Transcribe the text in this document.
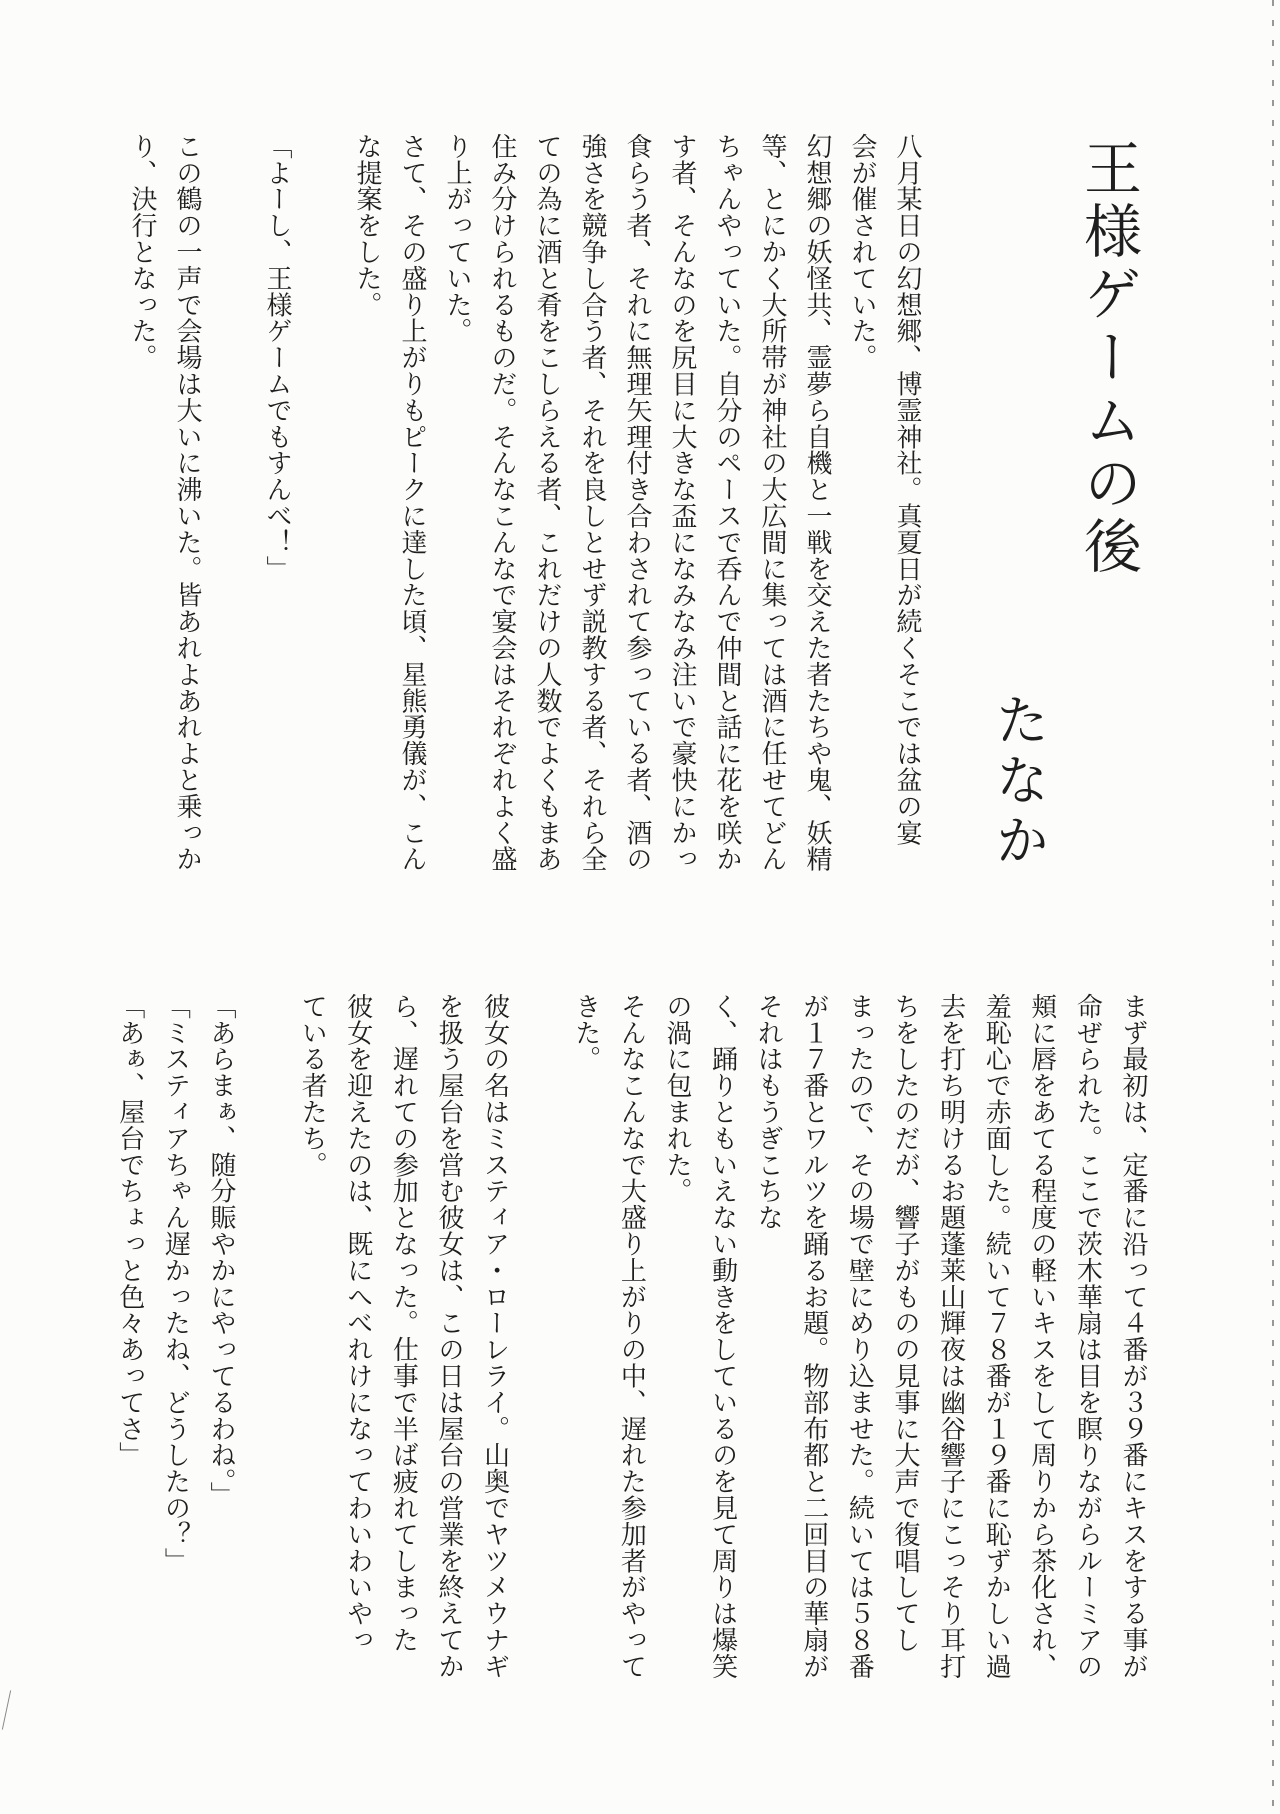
王様ゲームの後
たなか
八月某日の幻想郷、博霊神社。真夏日が続くそこでは盆の宴
会が催されていた。
幻想郷の妖怪共、霊夢ら自機と一戦を交えた者たちや鬼、妖精
等、とにかく大所帯が神社の大広間に集っては酒に任せてどん
ちゃんやっていた。自分のペースで呑んで仲間と話に花を咲か
す者、そんなのを尻目に大きな盃になみなみ注いで豪快にかっ
食らう者、それに無理矢理付き合わされて参っている者、酒の
強さを競争し合う者、それを良しとせず説教する者、それら全
ての為に酒と肴をこしらえる者、これだけの人数でよくもまあ
住み分けられるものだ。そんなこんなで宴会はそれぞれよく盛
り上がっていた。
さて、その盛り上がりもピークに達した頃、星熊勇儀が、こん
な提案をした。
「よーし、王様ゲームでもすんべ！」
この鶴の一声で会場は大いに沸いた。皆あれよあれよと乗っか
り、決行となった。
まず最初は、定番に沿って４番が３９番にキスをする事が
命ぜられた。ここで茨木華扇は目を瞑りながらルーミアの
頬に唇をあてる程度の軽いキスをして周りから茶化され、
羞恥心で赤面した。続いて７８番が１９番に恥ずかしい過
去を打ち明けるお題蓬莱山輝夜は幽谷響子にこっそり耳打
ちをしたのだが、響子がものの見事に大声で復唱してし
まったので、その場で壁にめり込ませた。続いては５８番
が１７番とワルツを踊るお題。物部布都と二回目の華扇が
それはもうぎこちな
く、踊りともいえない動きをしているのを見て周りは爆笑
の渦に包まれた。
そんなこんなで大盛り上がりの中、遅れた参加者がやって
きた。
彼女の名はミスティア・ローレライ。山奥でヤツメウナギ
を扱う屋台を営む彼女は、この日は屋台の営業を終えてか
ら、遅れての参加となった。仕事で半ば疲れてしまった
彼女を迎えたのは、既にへべれけになってわいわいやっ
ている者たち。
「あらまぁ、随分賑やかにやってるわね。」
「ミスティアちゃん遅かったね、どうしたの？」
「あぁ、屋台でちょっと色々あってさ」
